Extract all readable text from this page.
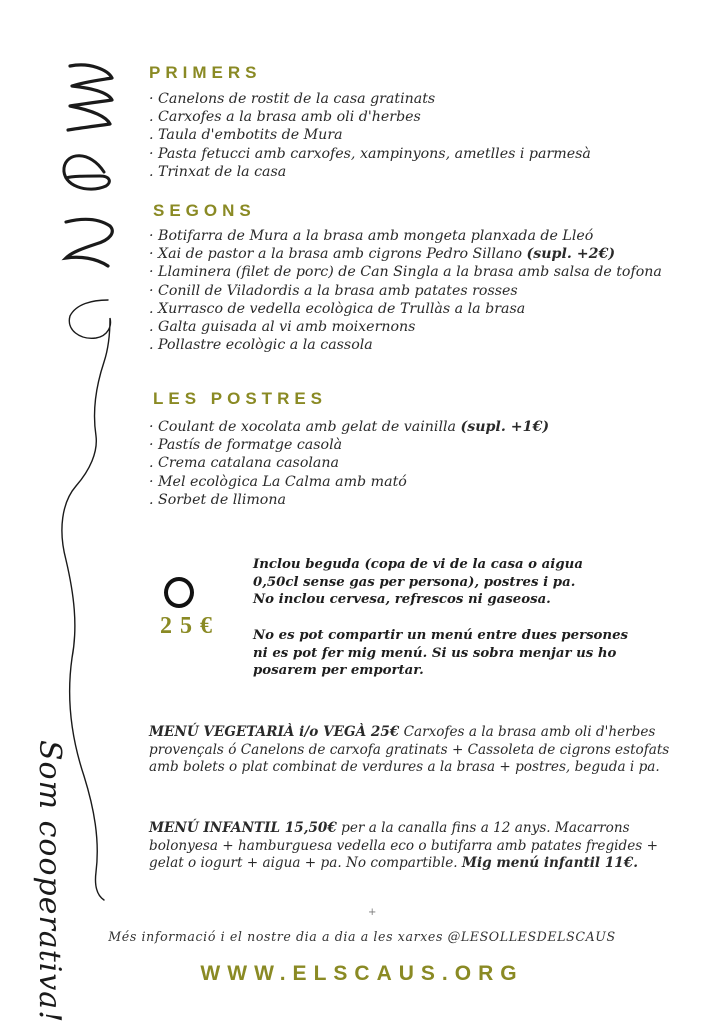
Som cooperativa!
PRIMERS
· Canelons de rostit de la casa gratinats
. Carxofes a la brasa amb oli d'herbes
. Taula d'embotits de Mura
· Pasta fetucci amb carxofes, xampinyons, ametlles i parmesà
. Trinxat de la casa
SEGONS
· Botifarra de Mura a la brasa amb mongeta planxada de Lleó
· Xai de pastor a la brasa amb cigrons Pedro Sillano (supl. +2€)
· Llaminera (filet de porc) de Can Singla a la brasa amb salsa de tofona
· Conill de Viladordis a la brasa amb patates rosses
. Xurrasco de vedella ecològica de Trullàs a la brasa
. Galta guisada al vi amb moixernons
. Pollastre ecològic a la cassola
LES POSTRES
· Coulant de xocolata amb gelat de vainilla (supl. +1€)
· Pastís de formatge casolà
. Crema catalana casolana
· Mel ecològica La Calma amb mató
. Sorbet de llimona
25€

Inclou beguda (copa de vi de la casa o aigua
0,50cl sense gas per persona), postres i pa.
No inclou cervesa, refrescos ni gaseosa.

No es pot compartir un menú entre dues persones
ni es pot fer mig menú. Si us sobra menjar us ho
posarem per emportar.

MENÚ VEGETARIÀ i/o VEGÀ 25€ Carxofes a la brasa amb oli d'herbes provençals ó Canelons de carxofa gratinats + Cassoleta de cigrons estofats amb bolets o plat combinat de verdures a la brasa + postres, beguda i pa.

MENÚ INFANTIL 15,50€ per a la canalla fins a 12 anys. Macarrons bolonyesa + hamburguesa vedella eco o butifarra amb patates fregides + gelat o iogurt + aigua + pa. No compartible. Mig menú infantil 11€.

+

Més informació i el nostre dia a dia a les xarxes @LESOLLESDELSCAUS

WWW.ELSCAUS.ORG
